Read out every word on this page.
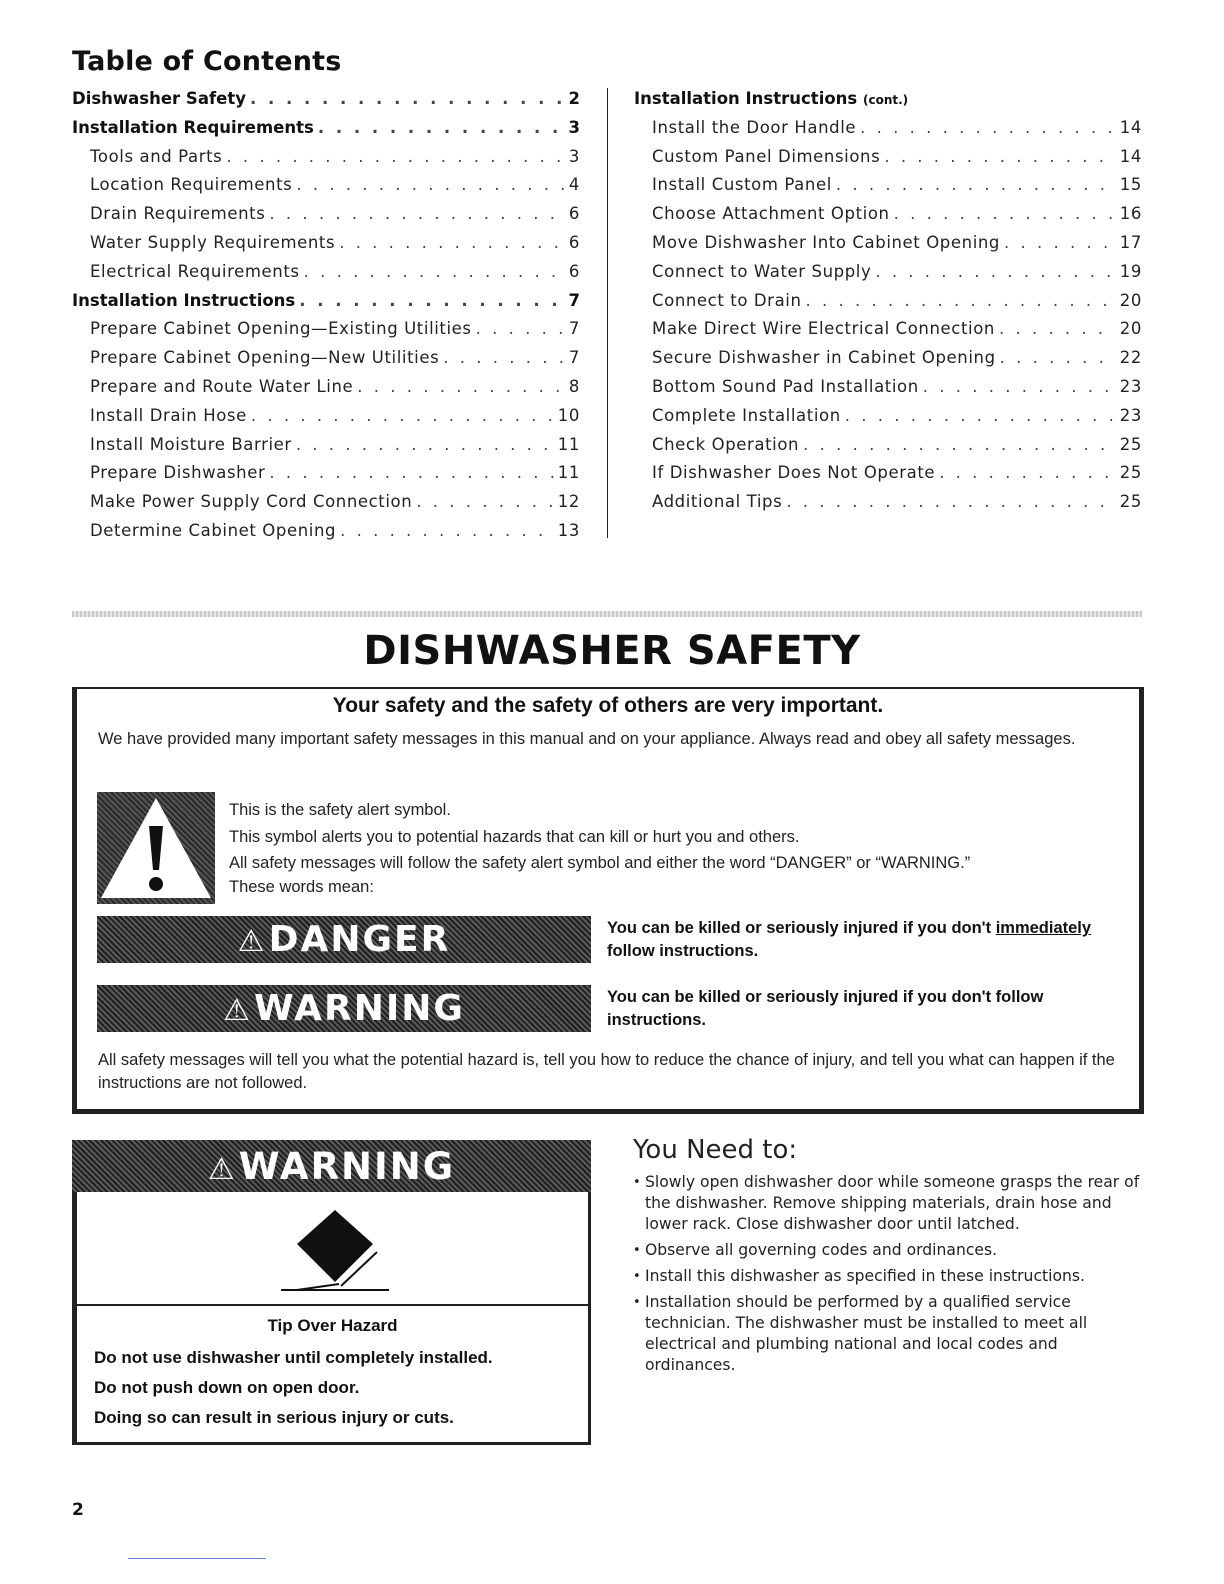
Table of Contents
Dishwasher Safety . . .	2
Installation Requirements . . .	3
Tools and Parts . . .	3
Location Requirements . . .	4
Drain Requirements . . .	6
Water Supply Requirements . . .	6
Electrical Requirements . . .	6
Installation Instructions . . .	7
Prepare Cabinet Opening—Existing Utilities . . .	7
Prepare Cabinet Opening—New Utilities . . .	7
Prepare and Route Water Line . . .	8
Install Drain Hose . . .	10
Install Moisture Barrier . . .	11
Prepare Dishwasher . . .	11
Make Power Supply Cord Connection . . .	12
Determine Cabinet Opening . . .	13
Installation Instructions (cont.)
Install the Door Handle . . .	14
Custom Panel Dimensions . . .	14
Install Custom Panel . . .	15
Choose Attachment Option . . .	16
Move Dishwasher Into Cabinet Opening . . .	17
Connect to Water Supply . . .	19
Connect to Drain . . .	20
Make Direct Wire Electrical Connection . . .	20
Secure Dishwasher in Cabinet Opening . . .	22
Bottom Sound Pad Installation . . .	23
Complete Installation . . .	23
Check Operation . . .	25
If Dishwasher Does Not Operate . . .	25
Additional Tips . . .	25
DISHWASHER SAFETY
Your safety and the safety of others are very important.
We have provided many important safety messages in this manual and on your appliance. Always read and obey all safety messages.

This is the safety alert symbol.

This symbol alerts you to potential hazards that can kill or hurt you and others.

All safety messages will follow the safety alert symbol and either the word “DANGER” or “WARNING.”

These words mean:

⚠DANGER	You can be killed or seriously injured if you don't immediately follow instructions.
⚠WARNING	You can be killed or seriously injured if you don't follow instructions.
All safety messages will tell you what the potential hazard is, tell you how to reduce the chance of injury, and tell you what can happen if the instructions are not followed.
⚠WARNING
Tip Over Hazard
Do not use dishwasher until completely installed.
Do not push down on open door.
Doing so can result in serious injury or cuts.
You Need to:
• Slowly open dishwasher door while someone grasps the rear of the dishwasher. Remove shipping materials, drain hose and lower rack. Close dishwasher door until latched.
• Observe all governing codes and ordinances.
• Install this dishwasher as specified in these instructions.
• Installation should be performed by a qualified service technician. The dishwasher must be installed to meet all electrical and plumbing national and local codes and ordinances.
2
